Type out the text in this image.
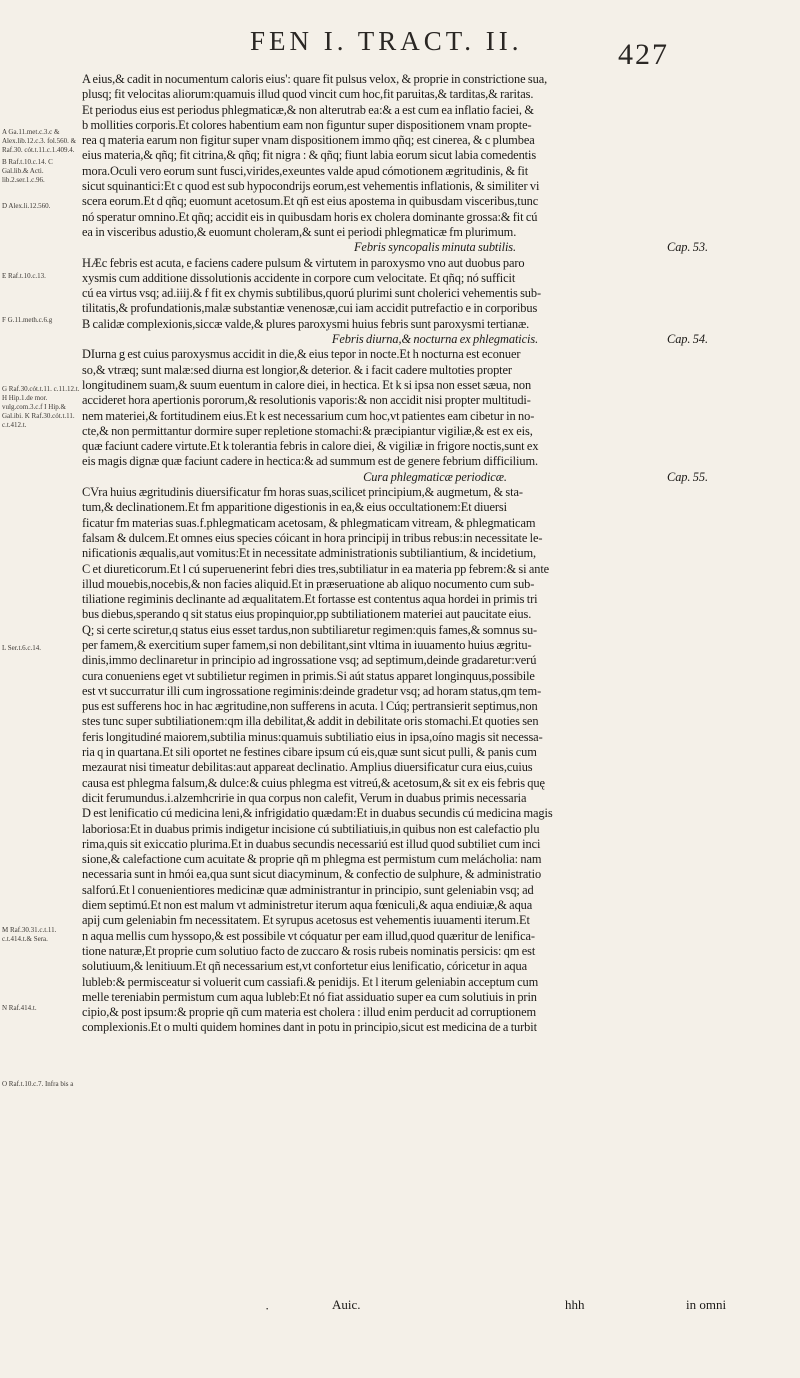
FEN I. TRACT. II.	427
A Ga.11.met.c.3.c & Alex.lib.12.c.3. fol.560. & Raf.30. cót.t.11.c.1.409.4.
B Raf.t.10.c.14. C Gal.lib.& Acti. lib.2.ser.1.c.96.
D Alex.li.12.560.
E Raf.t.10.c.13.
F G.11.meth.c.6.g
G Raf.30.cót.t.11. c.11.12.t. H Hip.1.de mor. vulg.com.3.c.f I Hip.& Gal.ibi. K Raf.30.cót.t.11. c.t.412.t.
L Ser.t.6.c.14.
M Raf.30.31.c.t.11. c.t.414.t.& Sera.
N Raf.414.t.
O Raf.t.10.c.7. Infra bis a
A eius,& cadit in nocumentum caloris eius': quare fit pulsus velox, & proprie in constrictione sua,
plusq; fit velocitas aliorum:quamuis illud quod vincit cum hoc,fit paruitas,& tarditas,& raritas.
Et periodus eius est periodus phlegmaticæ,& non alterutrab ea:& a est cum ea inflatio faciei, &
b mollities corporis.Et colores habentium eam non figuntur super dispositionem vnam propte-
rea q materia earum non figitur super vnam dispositionem immo qñq; est cinerea, & c plumbea
eius materia,& qñq; fit citrina,& qñq; fit nigra : & qñq; fiunt labia eorum sicut labia comedentis
mora.Oculi vero eorum sunt fusci,virides,exeuntes valde apud cómotionem ægritudinis, & fit
sicut squinantici:Et c quod est sub hypocondrijs eorum,est vehementis inflationis, & similiter vi
scera eorum.Et d qñq; euomunt acetosum.Et qñ est eius apostema in quibusdam visceribus,tunc
nó speratur omnino.Et qñq; accidit eis in quibusdam horis ex cholera dominante grossa:& fit cú
ea in visceribus adustio,& euomunt choleram,& sunt ei periodi phlegmaticæ fm plurimum.
Febris syncopalis minuta subtilis.	Cap. 53.
HÆc febris est acuta, e faciens cadere pulsum & virtutem in paroxysmo vno aut duobus paro
xysmis cum additione dissolutionis accidente in corpore cum velocitate. Et qñq; nó sufficit
cú ea virtus vsq; ad.iiij.& f fit ex chymis subtilibus,quorú plurimi sunt cholerici vehementis sub-
tilitatis,& profundationis,malæ substantiæ venenosæ,cui iam accidit putrefactio e in corporibus
B calidæ complexionis,siccæ valde,& plures paroxysmi huius febris sunt paroxysmi tertianæ.
Febris diurna,& nocturna ex phlegmaticis.	Cap. 54.
DIurna g est cuius paroxysmus accidit in die,& eius tepor in nocte.Et h nocturna est econuer
so,& vtræq; sunt malæ:sed diurna est longior,& deterior. & i facit cadere multoties propter
longitudinem suam,& suum euentum in calore diei, in hectica. Et k si ipsa non esset sæua, non
accideret hora apertionis pororum,& resolutionis vaporis:& non accidit nisi propter multitudi-
nem materiei,& fortitudinem eius.Et k est necessarium cum hoc,vt patientes eam cibetur in no-
cte,& non permittantur dormire super repletione stomachi:& præcipiantur vigiliæ,& est ex eis,
quæ faciunt cadere virtute.Et k tolerantia febris in calore diei, & vigiliæ in frigore noctis,sunt ex
eis magis dignæ quæ faciunt cadere in hectica:& ad summum est de genere febrium difficilium.
Cura phlegmaticæ periodicæ.	Cap. 55.
CVra huius ægritudinis diuersificatur fm horas suas,scilicet principium,& augmetum, & sta-
tum,& declinationem.Et fm apparitione digestionis in ea,& eius occultationem:Et diuersi
ficatur fm materias suas.f.phlegmaticam acetosam, & phlegmaticam vitream, & phlegmaticam
falsam & dulcem.Et omnes eius species cóicant in hora principij in tribus rebus:in necessitate le-
nificationis æqualis,aut vomitus:Et in necessitate administrationis subtiliantium, & incidetium,
C et diureticorum.Et l cú superuenerint febri dies tres,subtiliatur in ea materia pp febrem:& si ante
illud mouebis,nocebis,& non facies aliquid.Et in præseruatione ab aliquo nocumento cum sub-
tiliatione regiminis declinante ad æqualitatem.Et fortasse est contentus aqua hordei in primis tri
bus diebus,sperando q sit status eius propinquior,pp subtiliationem materiei aut paucitate eius.
Q; si certe sciretur,q status eius esset tardus,non subtiliaretur regimen:quis fames,& somnus su-
per famem,& exercitium super famem,si non debilitant,sint vltima in iuuamento huius ægritu-
dinis,immo declinaretur in principio ad ingrossatione vsq; ad septimum,deinde gradaretur:verú
cura conueniens eget vt subtilietur regimen in primis.Si aút status apparet longinquus,possibile
est vt succurratur illi cum ingrossatione regiminis:deinde gradetur vsq; ad horam status,qm tem-
pus est sufferens hoc in hac ægritudine,non sufferens in acuta. l Cúq; pertransierit septimus,non
stes tunc super subtiliationem:qm illa debilitat,& addit in debilitate oris stomachi.Et quoties sen
feris longitudiné maiorem,subtilia minus:quamuis subtiliatio eius in ipsa,oíno magis sit necessa-
ria q in quartana.Et sili oportet ne festines cibare ipsum cú eis,quæ sunt sicut pulli, & panis cum
mezaurat nisi timeatur debilitas:aut appareat declinatio. Amplius diuersificatur cura eius,cuius
causa est phlegma falsum,& dulce:& cuius phlegma est vitreú,& acetosum,& sit ex eis febris quę
dicit ferumundus.i.alzemhcririe in qua corpus non calefit, Verum in duabus primis necessaria
D est lenificatio cú medicina leni,& infrigidatio quædam:Et in duabus secundis cú medicina magis
laboriosa:Et in duabus primis indigetur incisione cú subtiliatiuis,in quibus non est calefactio plu
rima,quis sit exiccatio plurima.Et in duabus secundis necessariú est illud quod subtiliet cum inci
sione,& calefactione cum acuitate & proprie qñ m phlegma est permistum cum melácholia: nam
necessaria sunt in hmói ea,qua sunt sicut diacyminum, & confectio de sulphure, & administratio
salforú.Et l conuenientiores medicinæ quæ administrantur in principio, sunt geleniabin vsq; ad
diem septimú.Et non est malum vt administretur iterum aqua fœniculi,& aqua endiuiæ,& aqua
apij cum geleniabin fm necessitatem. Et syrupus acetosus est vehementis iuuamenti iterum.Et
n aqua mellis cum hyssopo,& est possibile vt cóquatur per eam illud,quod quæritur de lenifica-
tione naturæ,Et proprie cum solutiuo facto de zuccaro & rosis rubeis nominatis persicis: qm est
solutiuum,& lenitiuum.Et qñ necessarium est,vt confortetur eius lenificatio, córicetur in aqua
lubleb:& permisceatur si voluerit cum cassiafi.& penidijs. Et l iterum geleniabin acceptum cum
melle tereniabin permistum cum aqua lubleb:Et nó fiat assiduatio super ea cum solutiuis in prin
cipio,& post ipsum:& proprie qñ cum materia est cholera : illud enim perducit ad corruptionem
complexionis.Et o multi quidem homines dant in potu in principio,sicut est medicina de a turbit
·	Auic.	hhh	in omni
